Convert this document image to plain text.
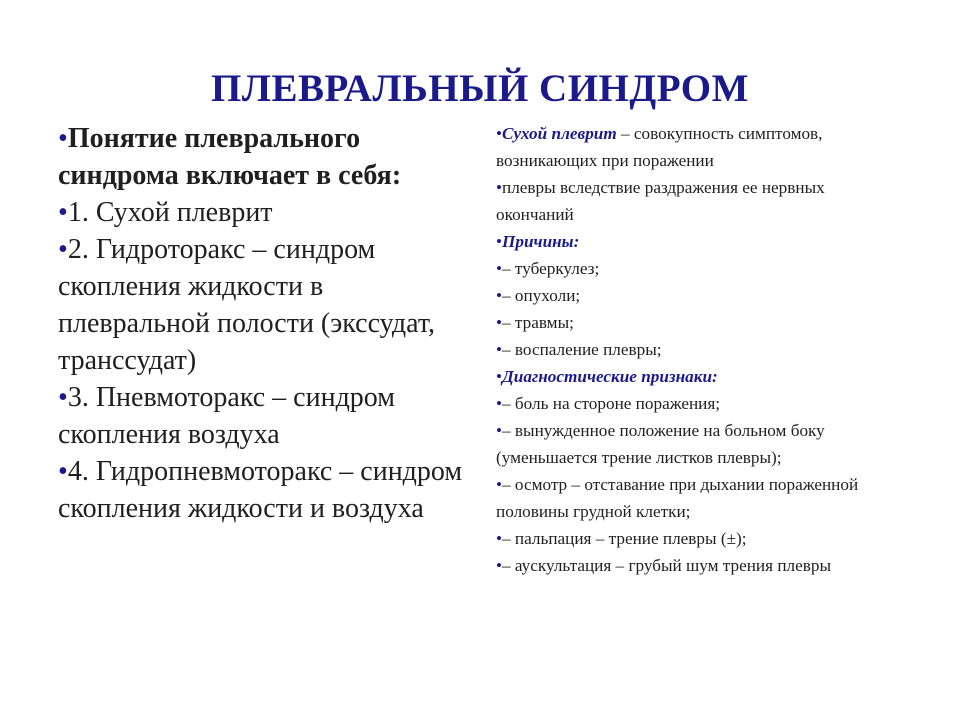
ПЛЕВРАЛЬНЫЙ СИНДРОМ

•Понятие плеврального синдрома включает в себя:

•1. Сухой плеврит

•2. Гидроторакс – синдром скопления жидкости в плевральной полости (экссудат, транссудат)

•3. Пневмоторакс – синдром скопления воздуха

•4. Гидропневмоторакс – синдром скопления жидкости и воздуха

•Сухой плеврит – совокупность симптомов, возникающих при поражении

•плевры вследствие раздражения ее нервных окончаний

•Причины:

•– туберкулез;

•– опухоли;

•– травмы;

•– воспаление плевры;

•Диагностические признаки:

•– боль на стороне поражения;

•– вынужденное положение на больном боку (уменьшается трение листков плевры);

•– осмотр – отставание при дыхании пораженной половины грудной клетки;

•– пальпация – трение плевры (±);

•– аускультация – грубый шум трения плевры
